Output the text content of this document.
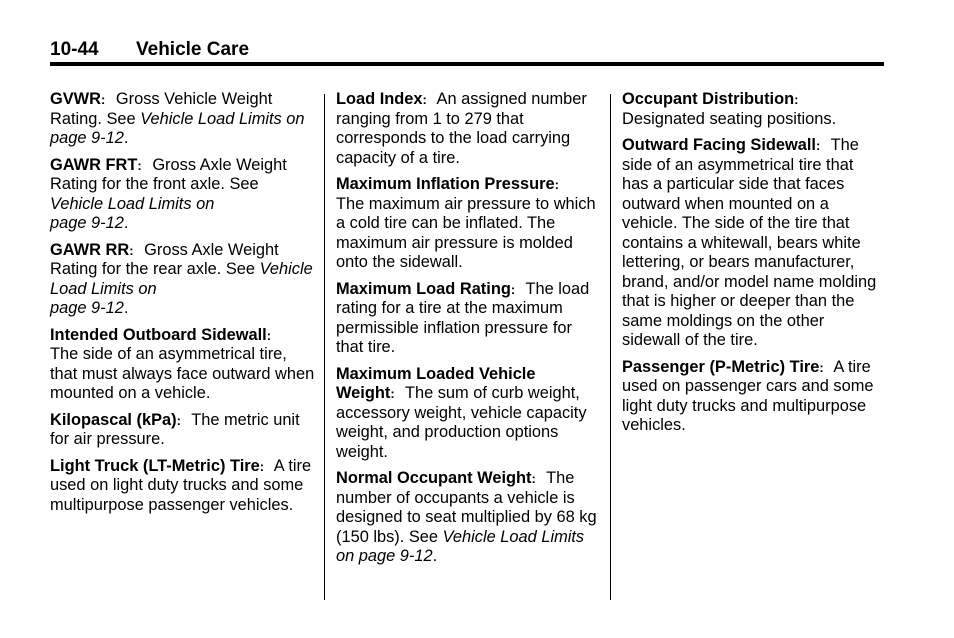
10-44 Vehicle Care

GVWR: Gross Vehicle Weight Rating. See Vehicle Load Limits on page 9-12.

GAWR FRT: Gross Axle Weight Rating for the front axle. See Vehicle Load Limits on
page 9-12.

GAWR RR: Gross Axle Weight Rating for the rear axle. See Vehicle Load Limits on
page 9-12.

Intended Outboard Sidewall:
The side of an asymmetrical tire, that must always face outward when mounted on a vehicle.

Kilopascal (kPa): The metric unit for air pressure.

Light Truck (LT-Metric) Tire: A tire used on light duty trucks and some multipurpose passenger vehicles.

Load Index: An assigned number ranging from 1 to 279 that corresponds to the load carrying capacity of a tire.

Maximum Inflation Pressure:
The maximum air pressure to which a cold tire can be inflated. The maximum air pressure is molded onto the sidewall.

Maximum Load Rating: The load rating for a tire at the maximum permissible inflation pressure for that tire.

Maximum Loaded Vehicle Weight: The sum of curb weight, accessory weight, vehicle capacity weight, and production options weight.

Normal Occupant Weight: The number of occupants a vehicle is designed to seat multiplied by 68 kg (150 lbs). See Vehicle Load Limits on page 9-12.

Occupant Distribution:
Designated seating positions.

Outward Facing Sidewall: The side of an asymmetrical tire that has a particular side that faces outward when mounted on a vehicle. The side of the tire that contains a whitewall, bears white lettering, or bears manufacturer, brand, and/or model name molding that is higher or deeper than the same moldings on the other sidewall of the tire.

Passenger (P-Metric) Tire: A tire used on passenger cars and some light duty trucks and multipurpose vehicles.
